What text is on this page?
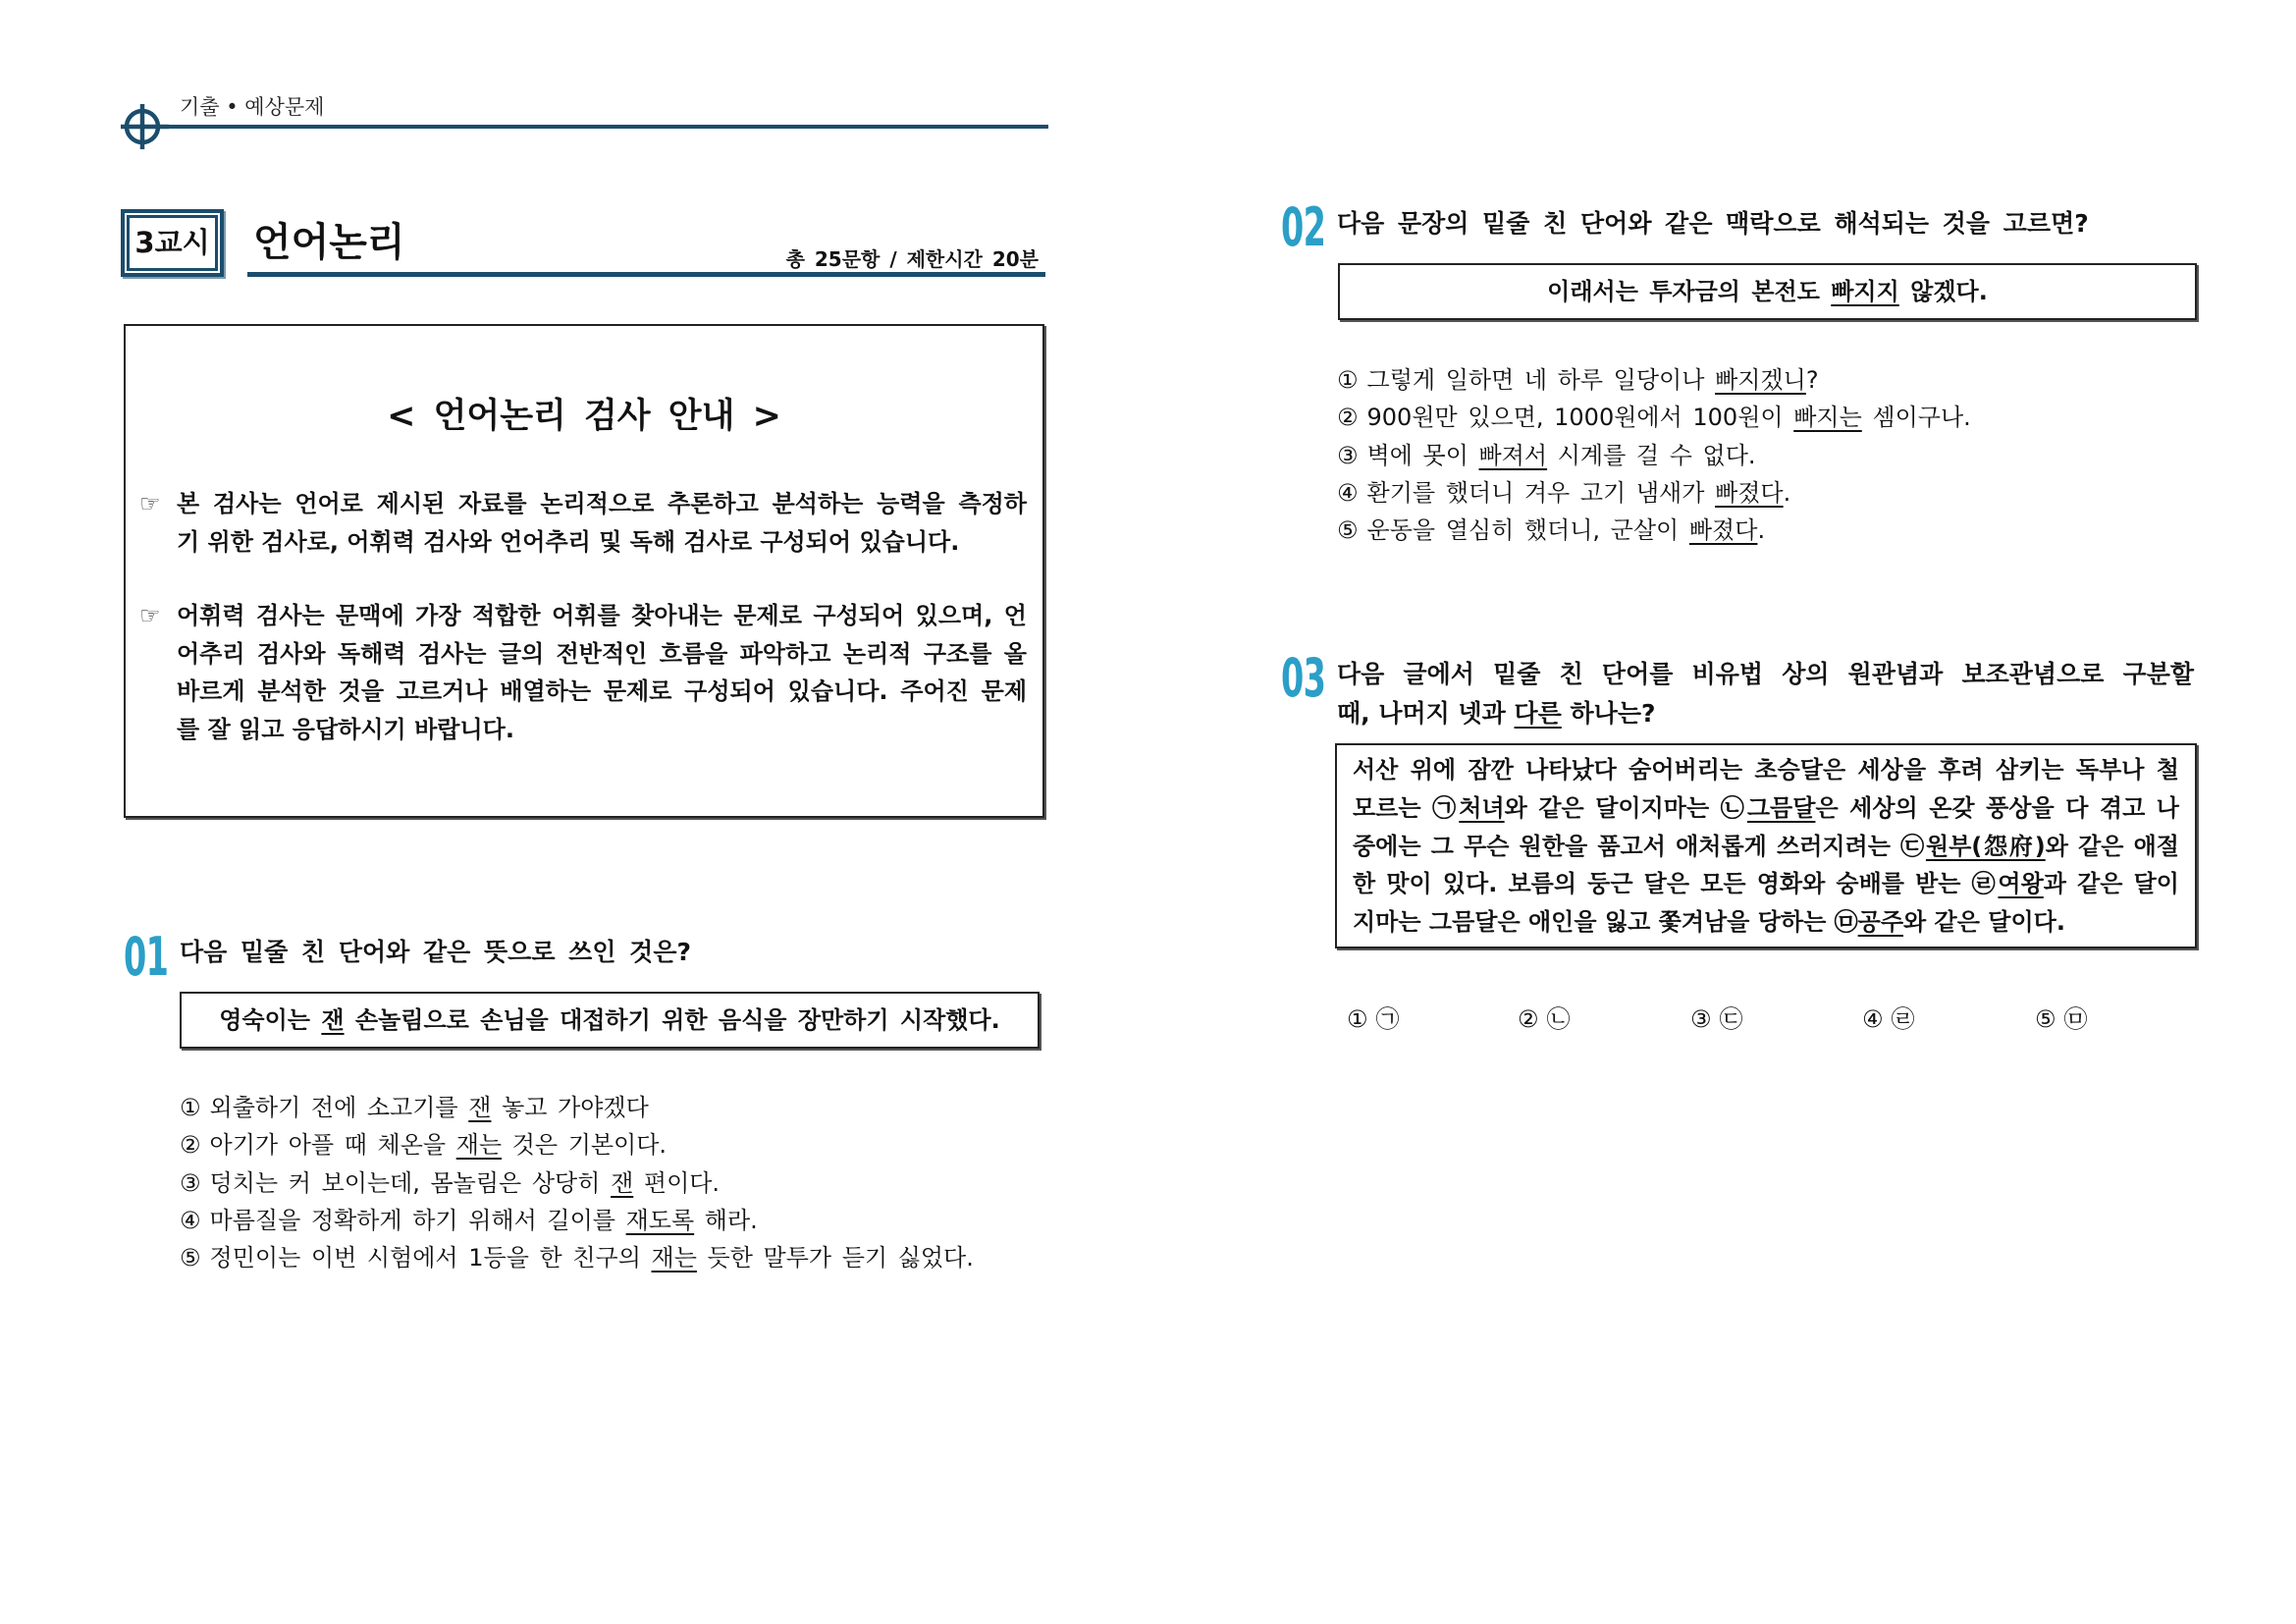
기출 • 예상문제
3교시	언어논리	총 25문항 / 제한시간 20분
< 언어논리 검사 안내 >
☞ 본 검사는 언어로 제시된 자료를 논리적으로 추론하고 분석하는 능력을 측정하
기 위한 검사로, 어휘력 검사와 언어추리 및 독해 검사로 구성되어 있습니다.
☞ 어휘력 검사는 문맥에 가장 적합한 어휘를 찾아내는 문제로 구성되어 있으며, 언
어추리 검사와 독해력 검사는 글의 전반적인 흐름을 파악하고 논리적 구조를 올
바르게 분석한 것을 고르거나 배열하는 문제로 구성되어 있습니다. 주어진 문제
를 잘 읽고 응답하시기 바랍니다.
01 다음 밑줄 친 단어와 같은 뜻으로 쓰인 것은?
영숙이는 잰 손놀림으로 손님을 대접하기 위한 음식을 장만하기 시작했다.
① 외출하기 전에 소고기를 잰 놓고 가야겠다
② 아기가 아플 때 체온을 재는 것은 기본이다.
③ 덩치는 커 보이는데, 몸놀림은 상당히 잰 편이다.
④ 마름질을 정확하게 하기 위해서 길이를 재도록 해라.
⑤ 정민이는 이번 시험에서 1등을 한 친구의 재는 듯한 말투가 듣기 싫었다.
02 다음 문장의 밑줄 친 단어와 같은 맥락으로 해석되는 것을 고르면?
이래서는 투자금의 본전도 빠지지 않겠다.
① 그렇게 일하면 네 하루 일당이나 빠지겠니?
② 900원만 있으면, 1000원에서 100원이 빠지는 셈이구나.
③ 벽에 못이 빠져서 시계를 걸 수 없다.
④ 환기를 했더니 겨우 고기 냄새가 빠졌다.
⑤ 운동을 열심히 했더니, 군살이 빠졌다.
03 다음 글에서 밑줄 친 단어를 비유법 상의 원관념과 보조관념으로 구분할
때, 나머지 넷과 다른 하나는?
서산 위에 잠깐 나타났다 숨어버리는 초승달은 세상을 후려 삼키는 독부나 철
모르는 ㉠처녀와 같은 달이지마는 ㉡그믐달은 세상의 온갖 풍상을 다 겪고 나
중에는 그 무슨 원한을 품고서 애처롭게 쓰러지려는 ㉢원부(怨府)와 같은 애절
한 맛이 있다. 보름의 둥근 달은 모든 영화와 숭배를 받는 ㉣여왕과 같은 달이
지마는 그믐달은 애인을 잃고 쫓겨남을 당하는 ㉤공주와 같은 달이다.
① ㉠	② ㉡	③ ㉢	④ ㉣	⑤ ㉤
